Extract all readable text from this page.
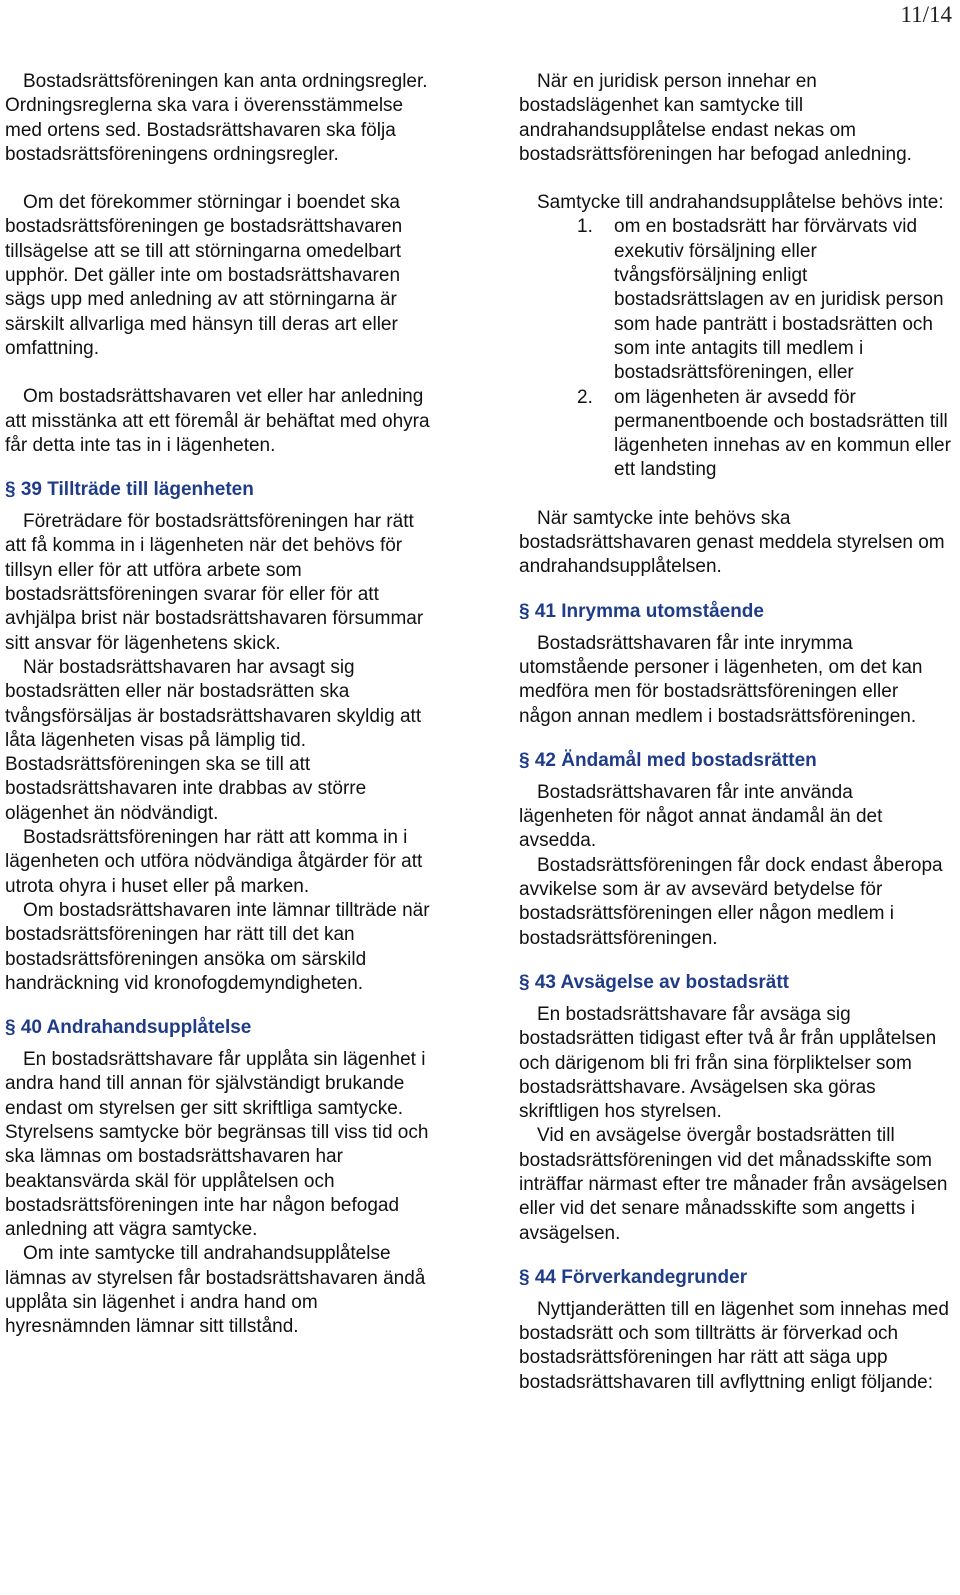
11/14

Bostadsrättsföreningen kan anta ordningsregler. Ordningsreglerna ska vara i överensstämmelse med ortens sed. Bostadsrättshavaren ska följa bostadsrättsföreningens ordningsregler.

Om det förekommer störningar i boendet ska bostadsrättsföreningen ge bostadsrättshavaren tillsägelse att se till att störningarna omedelbart upphör. Det gäller inte om bostadsrättshavaren sägs upp med anledning av att störningarna är särskilt allvarliga med hänsyn till deras art eller omfattning.

Om bostadsrättshavaren vet eller har anledning att misstänka att ett föremål är behäftat med ohyra får detta inte tas in i lägenheten.

§ 39 Tillträde till lägenheten

Företrädare för bostadsrättsföreningen har rätt att få komma in i lägenheten när det behövs för tillsyn eller för att utföra arbete som bostadsrättsföreningen svarar för eller för att avhjälpa brist när bostadsrättshavaren försummar sitt ansvar för lägenhetens skick.

När bostadsrättshavaren har avsagt sig bostadsrätten eller när bostadsrätten ska tvångsförsäljas är bostadsrättshavaren skyldig att låta lägenheten visas på lämplig tid. Bostadsrättsföreningen ska se till att bostadsrättshavaren inte drabbas av större olägenhet än nödvändigt.

Bostadsrättsföreningen har rätt att komma in i lägenheten och utföra nödvändiga åtgärder för att utrota ohyra i huset eller på marken.

Om bostadsrättshavaren inte lämnar tillträde när bostadsrättsföreningen har rätt till det kan bostadsrättsföreningen ansöka om särskild handräckning vid kronofogdemyndigheten.

§ 40 Andrahandsupplåtelse

En bostadsrättshavare får upplåta sin lägenhet i andra hand till annan för självständigt brukande endast om styrelsen ger sitt skriftliga samtycke. Styrelsens samtycke bör begränsas till viss tid och ska lämnas om bostadsrättshavaren har beaktansvärda skäl för upplåtelsen och bostadsrättsföreningen inte har någon befogad anledning att vägra samtycke.

Om inte samtycke till andrahandsupplåtelse lämnas av styrelsen får bostadsrättshavaren ändå upplåta sin lägenhet i andra hand om hyresnämnden lämnar sitt tillstånd.

När en juridisk person innehar en bostadslägenhet kan samtycke till andrahandsupplåtelse endast nekas om bostadsrättsföreningen har befogad anledning.

Samtycke till andrahandsupplåtelse behövs inte:

1. om en bostadsrätt har förvärvats vid exekutiv försäljning eller tvångsförsäljning enligt bostadsrättslagen av en juridisk person som hade panträtt i bostadsrätten och som inte antagits till medlem i bostadsrättsföreningen, eller
2. om lägenheten är avsedd för permanentboende och bostadsrätten till lägenheten innehas av en kommun eller ett landsting

När samtycke inte behövs ska bostadsrättshavaren genast meddela styrelsen om andrahandsupplåtelsen.

§ 41 Inrymma utomstående

Bostadsrättshavaren får inte inrymma utomstående personer i lägenheten, om det kan medföra men för bostadsrättsföreningen eller någon annan medlem i bostadsrättsföreningen.

§ 42 Ändamål med bostadsrätten

Bostadsrättshavaren får inte använda lägenheten för något annat ändamål än det avsedda.

Bostadsrättsföreningen får dock endast åberopa avvikelse som är av avsevärd betydelse för bostadsrättsföreningen eller någon medlem i bostadsrättsföreningen.

§ 43 Avsägelse av bostadsrätt

En bostadsrättshavare får avsäga sig bostadsrätten tidigast efter två år från upplåtelsen och därigenom bli fri från sina förpliktelser som bostadsrättshavare. Avsägelsen ska göras skriftligen hos styrelsen.

Vid en avsägelse övergår bostadsrätten till bostadsrättsföreningen vid det månadsskifte som inträffar närmast efter tre månader från avsägelsen eller vid det senare månadsskifte som angetts i avsägelsen.

§ 44 Förverkandegrunder

Nyttjanderätten till en lägenhet som innehas med bostadsrätt och som tillträtts är förverkad och bostadsrättsföreningen har rätt att säga upp bostadsrättshavaren till avflyttning enligt följande:
